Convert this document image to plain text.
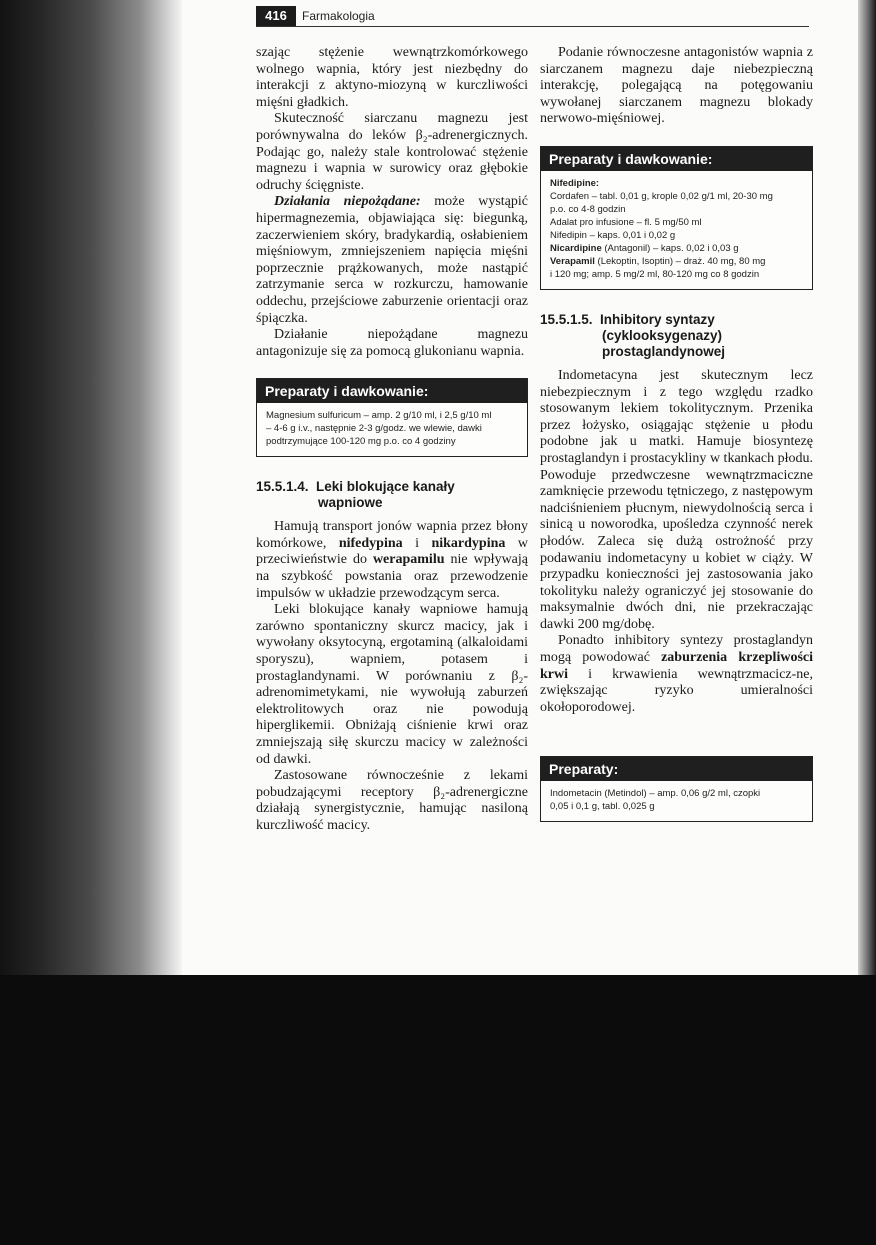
416	Farmakologia

szając stężenie wewnątrzkomórkowego wolnego wapnia, który jest niezbędny do interakcji z aktyno-miozyną w kurczliwości mięśni gładkich.

Skuteczność siarczanu magnezu jest porównywalna do leków β₂-adrenergicznych. Podając go, należy stale kontrolować stężenie magnezu i wapnia w surowicy oraz głębokie odruchy ścięgniste.

Działania niepożądane: może wystąpić hipermagnezemia, objawiająca się: biegunką, zaczerwieniem skóry, bradykardią, osłabieniem mięśniowym, zmniejszeniem napięcia mięśni poprzecznie prążkowanych, może nastąpić zatrzymanie serca w rozkurczu, hamowanie oddechu, przejściowe zaburzenie orientacji oraz śpiączka.

Działanie niepożądane magnezu antagonizuje się za pomocą glukonianu wapnia.

Preparaty i dawkowanie:
Magnesium sulfuricum – amp. 2 g/10 ml, i 2,5 g/10 ml
– 4-6 g i.v., następnie 2-3 g/godz. we wlewie, dawki
podtrzymujące 100-120 mg p.o. co 4 godziny
15.5.1.4. Leki blokujące kanały
wapniowe

Hamują transport jonów wapnia przez błony komórkowe, nifedypina i nikardypina w przeciwieństwie do werapamilu nie wpływają na szybkość powstania oraz przewodzenie impulsów w układzie przewodzącym serca.

Leki blokujące kanały wapniowe hamują zarówno spontaniczny skurcz macicy, jak i wywołany oksytocyną, ergotaminą (alkaloidami sporyszu), wapniem, potasem i prostaglandynami. W porównaniu z β₂-adrenomimetykami, nie wywołują zaburzeń elektrolitowych oraz nie powodują hiperglikemii. Obniżają ciśnienie krwi oraz zmniejszają siłę skurczu macicy w zależności od dawki.

Zastosowane równocześnie z lekami pobudzającymi receptory β₂-adrenergiczne działają synergistycznie, hamując nasiloną kurczliwość macicy.

Podanie równoczesne antagonistów wapnia z siarczanem magnezu daje niebezpieczną interakcję, polegającą na potęgowaniu wywołanej siarczanem magnezu blokady nerwowo-mięśniowej.

Preparaty i dawkowanie:
Nifedipine:
Cordafen – tabl. 0,01 g, krople 0,02 g/1 ml, 20-30 mg
p.o. co 4-8 godzin
Adalat pro infusione – fl. 5 mg/50 ml
Nifedipin – kaps. 0,01 i 0,02 g
Nicardipine (Antagonil) – kaps. 0,02 i 0,03 g
Verapamil (Lekoptin, Isoptin) – draż. 40 mg, 80 mg
i 120 mg; amp. 5 mg/2 ml, 80-120 mg co 8 godzin
15.5.1.5. Inhibitory syntazy
(cyklooksygenazy)
prostaglandynowej

Indometacyna jest skutecznym lecz niebezpiecznym i z tego względu rzadko stosowanym lekiem tokolitycznym. Przenika przez łożysko, osiągając stężenie u płodu podobne jak u matki. Hamuje biosyntezę prostaglandyn i prostacykliny w tkankach płodu. Powoduje przedwczesne wewnątrzmaciczne zamknięcie przewodu tętniczego, z następowym nadciśnieniem płucnym, niewydolnością serca i sinicą u noworodka, upośledza czynność nerek płodów. Zaleca się dużą ostrożność przy podawaniu indometacyny u kobiet w ciąży. W przypadku konieczności jej zastosowania jako tokolityku należy ograniczyć jej stosowanie do maksymalnie dwóch dni, nie przekraczając dawki 200 mg/dobę.

Ponadto inhibitory syntezy prostaglandyn mogą powodować zaburzenia krzepliwości krwi i krwawienia wewnątrzmacicz-ne, zwiększając ryzyko umieralności okołoporodowej.

Preparaty:
Indometacin (Metindol) – amp. 0,06 g/2 ml, czopki
0,05 i 0,1 g, tabl. 0,025 g
